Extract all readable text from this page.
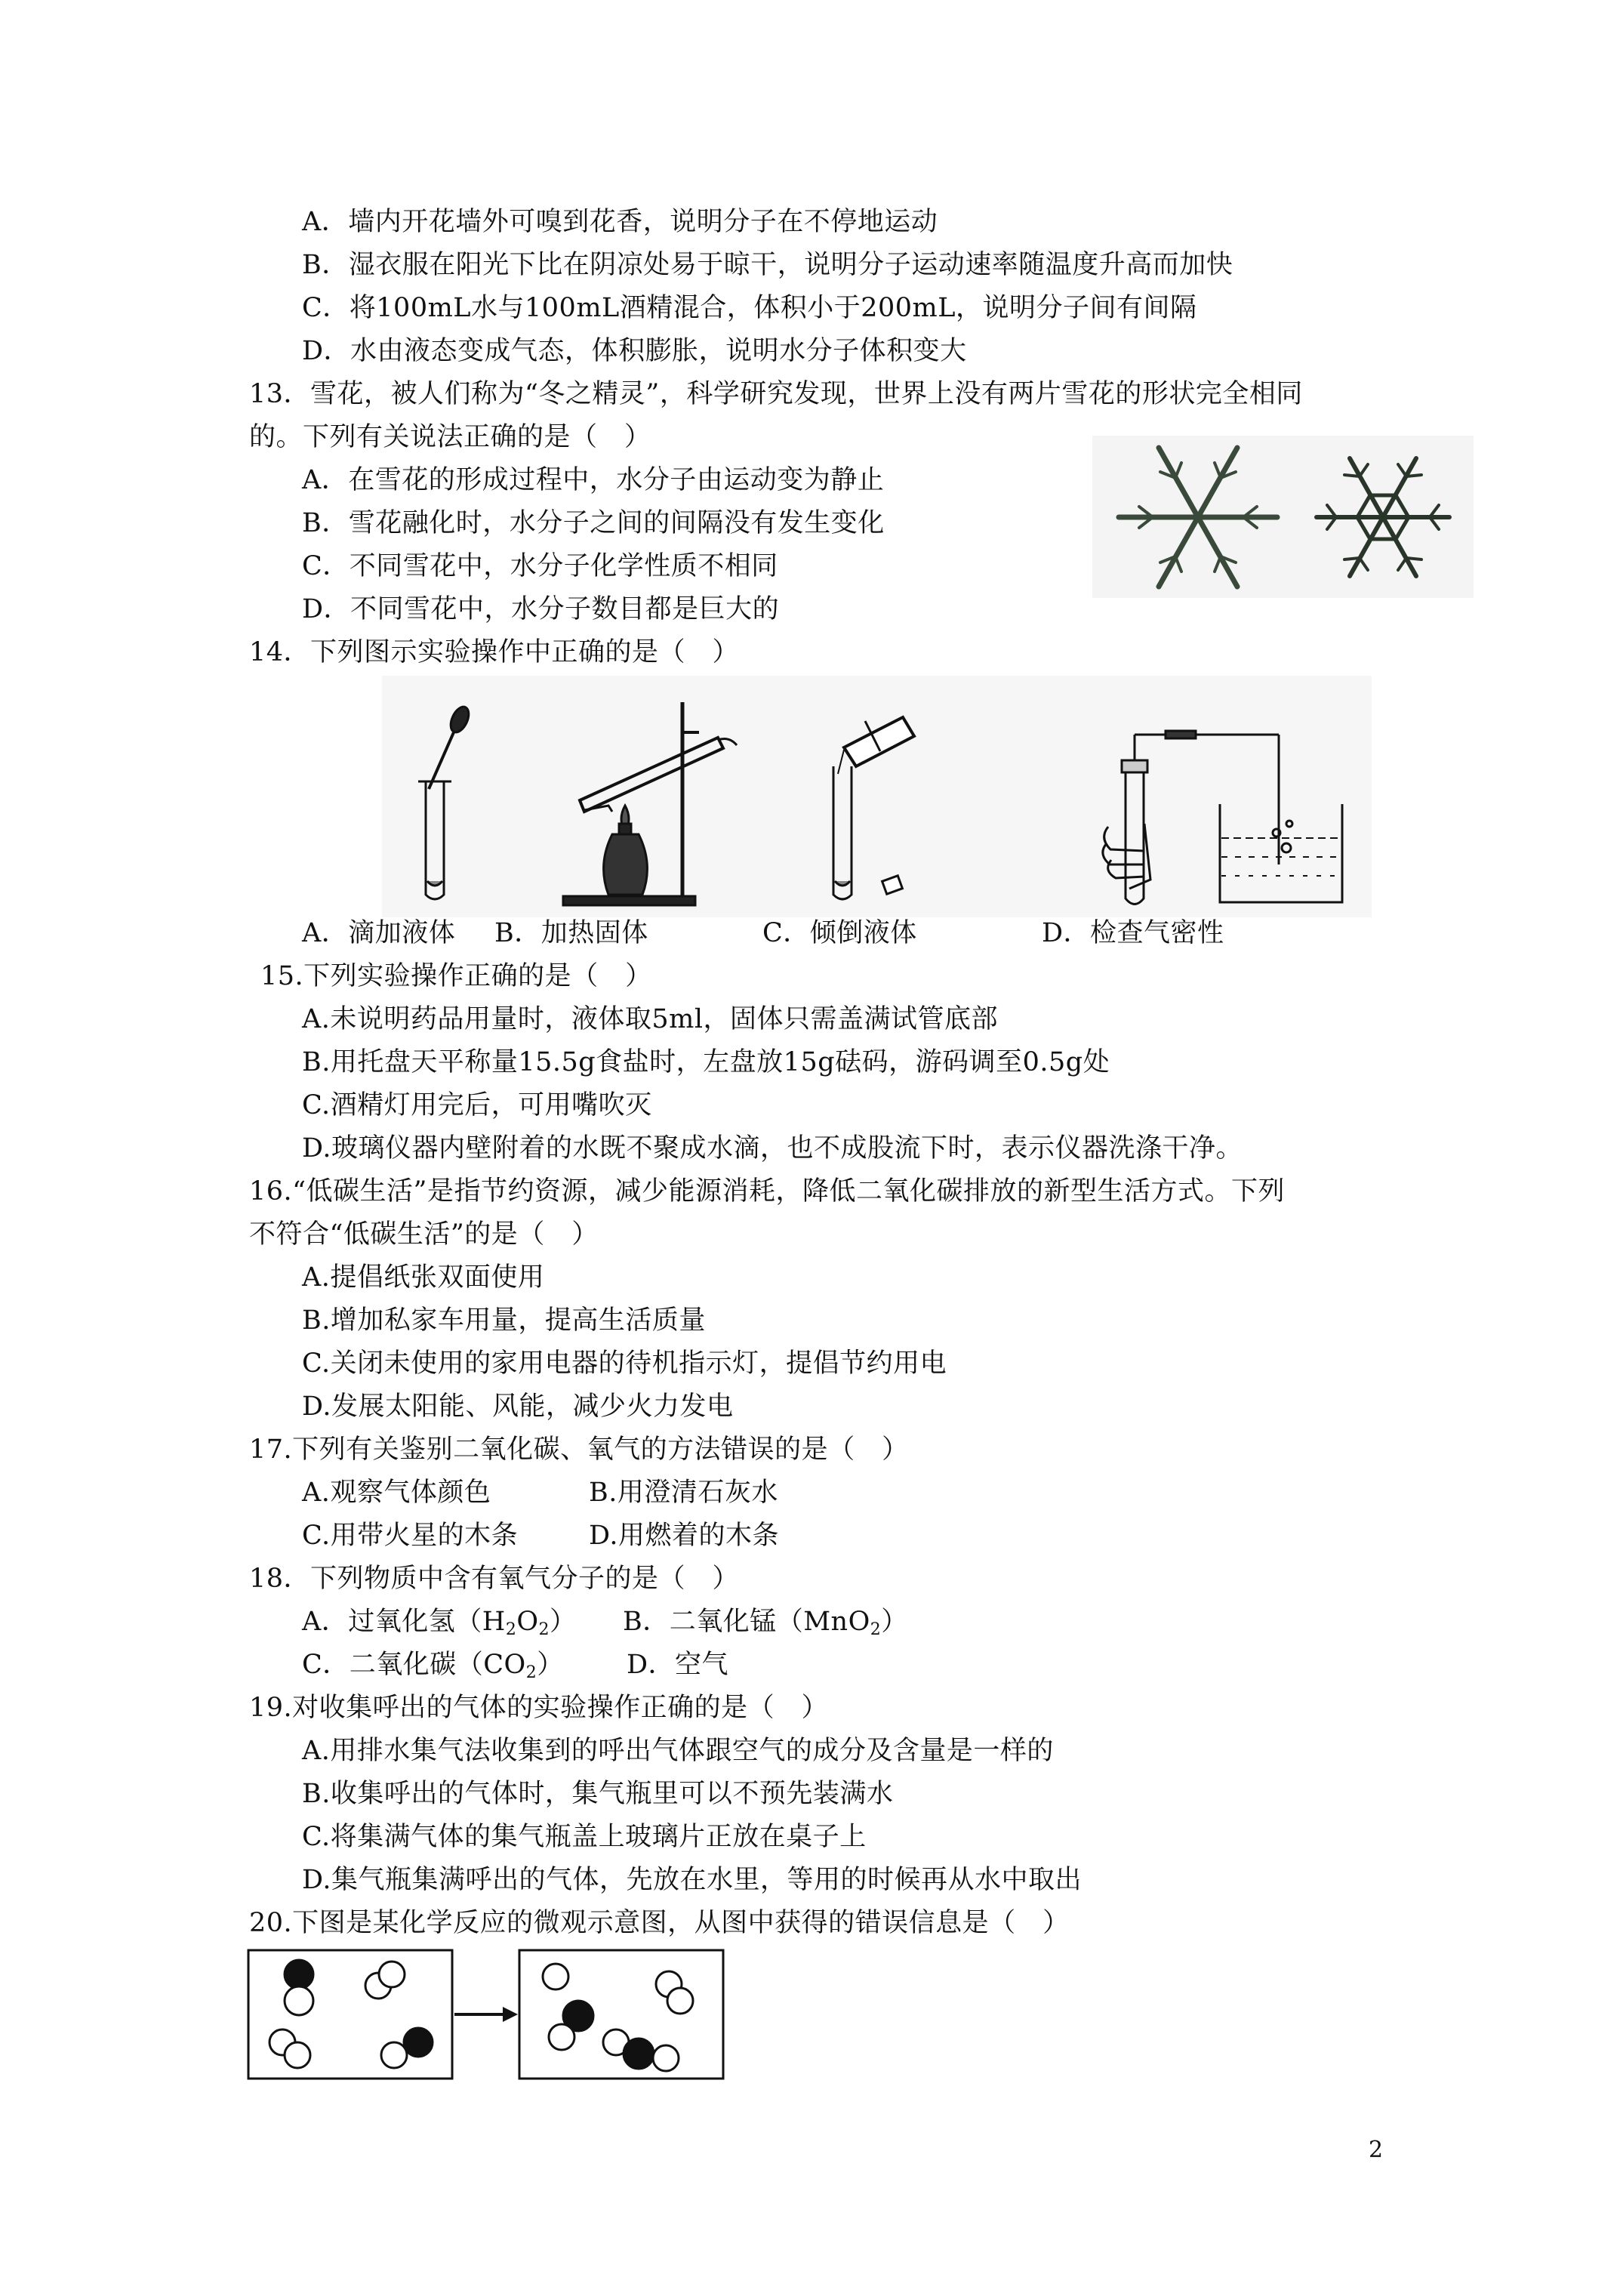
A．墙内开花墙外可嗅到花香，说明分子在不停地运动
B．湿衣服在阳光下比在阴凉处易于晾干，说明分子运动速率随温度升高而加快
C．将100mL水与100mL酒精混合，体积小于200mL，说明分子间有间隔
D．水由液态变成气态，体积膨胀，说明水分子体积变大
13．雪花，被人们称为“冬之精灵”，科学研究发现，世界上没有两片雪花的形状完全相同
的。下列有关说法正确的是（　）
A．在雪花的形成过程中，水分子由运动变为静止
B．雪花融化时，水分子之间的间隔没有发生变化
C．不同雪花中，水分子化学性质不相同
D．不同雪花中，水分子数目都是巨大的
14．下列图示实验操作中正确的是（　）
A．滴加液体 B．加热固体	C．倾倒液体	D．检查气密性
15.下列实验操作正确的是（　）
A.未说明药品用量时，液体取5ml，固体只需盖满试管底部
B.用托盘天平称量15.5g食盐时，左盘放15g砝码，游码调至0.5g处
C.酒精灯用完后，可用嘴吹灭
D.玻璃仪器内壁附着的水既不聚成水滴，也不成股流下时，表示仪器洗涤干净。
16.“低碳生活”是指节约资源，减少能源消耗，降低二氧化碳排放的新型生活方式。下列
不符合“低碳生活”的是（　）
A.提倡纸张双面使用
B.增加私家车用量，提高生活质量
C.关闭未使用的家用电器的待机指示灯，提倡节约用电
D.发展太阳能、风能，减少火力发电
17.下列有关鉴别二氧化碳、氧气的方法错误的是（　）
A.观察气体颜色	B.用澄清石灰水
C.用带火星的木条	D.用燃着的木条
18．下列物质中含有氧气分子的是（　）
A．过氧化氢$(H_2O_2)$ B．二氧化锰（MnO$_2$）
C．二氧化碳$(CO_2)$ D．空气
19.对收集呼出的气体的实验操作正确的是（　）
A.用排水集气法收集到的呼出气体跟空气的成分及含量是一样的
B.收集呼出的气体时，集气瓶里可以不预先装满水
C.将集满气体的集气瓶盖上玻璃片正放在桌子上
D.集气瓶集满呼出的气体，先放在水里，等用的时候再从水中取出
20.下图是某化学反应的微观示意图，从图中获得的错误信息是（　）
2
